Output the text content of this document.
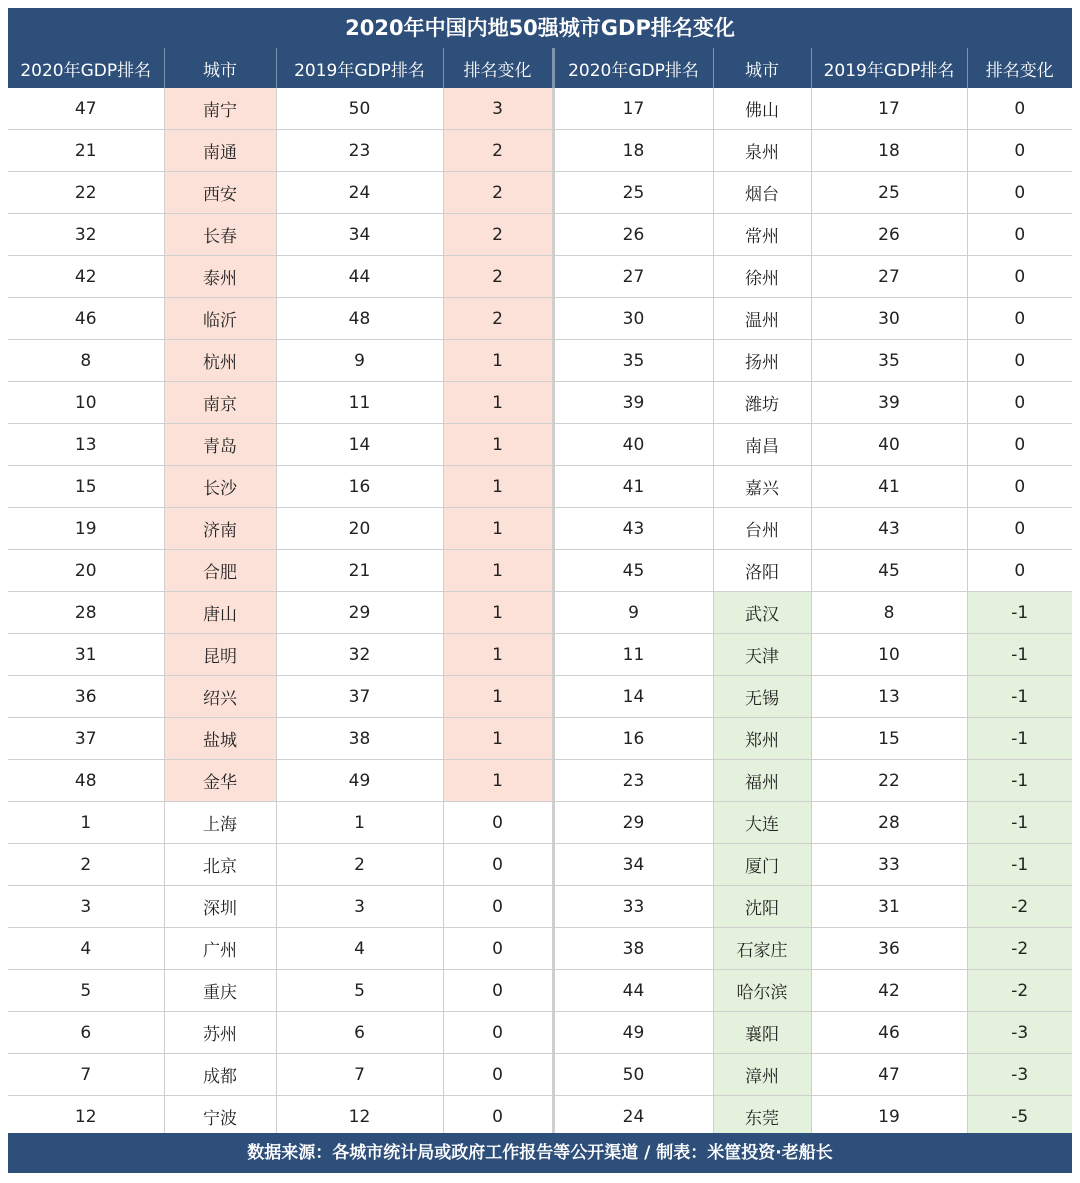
2020年中国内地50强城市GDP排名变化
2020年GDP排名	城市	2019年GDP排名	排名变化	2020年GDP排名	城市	2019年GDP排名	排名变化
47	南宁	50	3	17	佛山	17	0
21	南通	23	2	18	泉州	18	0
22	西安	24	2	25	烟台	25	0
32	长春	34	2	26	常州	26	0
42	泰州	44	2	27	徐州	27	0
46	临沂	48	2	30	温州	30	0
8	杭州	9	1	35	扬州	35	0
10	南京	11	1	39	潍坊	39	0
13	青岛	14	1	40	南昌	40	0
15	长沙	16	1	41	嘉兴	41	0
19	济南	20	1	43	台州	43	0
20	合肥	21	1	45	洛阳	45	0
28	唐山	29	1	9	武汉	8	-1
31	昆明	32	1	11	天津	10	-1
36	绍兴	37	1	14	无锡	13	-1
37	盐城	38	1	16	郑州	15	-1
48	金华	49	1	23	福州	22	-1
1	上海	1	0	29	大连	28	-1
2	北京	2	0	34	厦门	33	-1
3	深圳	3	0	33	沈阳	31	-2
4	广州	4	0	38	石家庄	36	-2
5	重庆	5	0	44	哈尔滨	42	-2
6	苏州	6	0	49	襄阳	46	-3
7	成都	7	0	50	漳州	47	-3
12	宁波	12	0	24	东莞	19	-5
数据来源：各城市统计局或政府工作报告等公开渠道 / 制表：米筐投资·老船长
